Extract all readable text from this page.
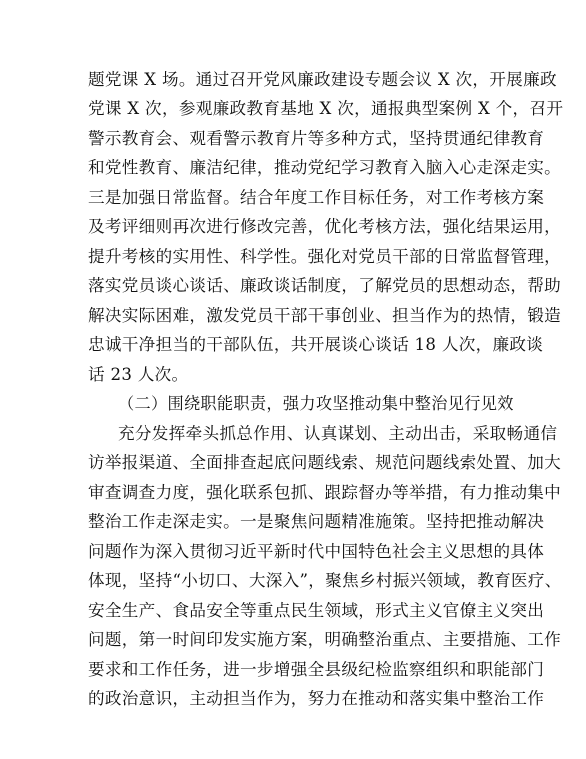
题党课 X 场。通过召开党风廉政建设专题会议 X 次，开展廉政
党课 X 次，参观廉政教育基地 X 次，通报典型案例 X 个，召开
警示教育会、观看警示教育片等多种方式，坚持贯通纪律教育
和党性教育、廉洁纪律，推动党纪学习教育入脑入心走深走实。
三是加强日常监督。结合年度工作目标任务，对工作考核方案
及考评细则再次进行修改完善，优化考核方法，强化结果运用，
提升考核的实用性、科学性。强化对党员干部的日常监督管理，
落实党员谈心谈话、廉政谈话制度，了解党员的思想动态，帮助
解决实际困难，激发党员干部干事创业、担当作为的热情，锻造
忠诚干净担当的干部队伍，共开展谈心谈话 18 人次，廉政谈
话 23 人次。
（二）围绕职能职责，强力攻坚推动集中整治见行见效
充分发挥牵头抓总作用、认真谋划、主动出击，采取畅通信
访举报渠道、全面排查起底问题线索、规范问题线索处置、加大
审查调查力度，强化联系包抓、跟踪督办等举措，有力推动集中
整治工作走深走实。一是聚焦问题精准施策。坚持把推动解决
问题作为深入贯彻习近平新时代中国特色社会主义思想的具体
体现，坚持“小切口、大深入”，聚焦乡村振兴领域，教育医疗、
安全生产、食品安全等重点民生领域，形式主义官僚主义突出
问题，第一时间印发实施方案，明确整治重点、主要措施、工作
要求和工作任务，进一步增强全县级纪检监察组织和职能部门
的政治意识，主动担当作为，努力在推动和落实集中整治工作
